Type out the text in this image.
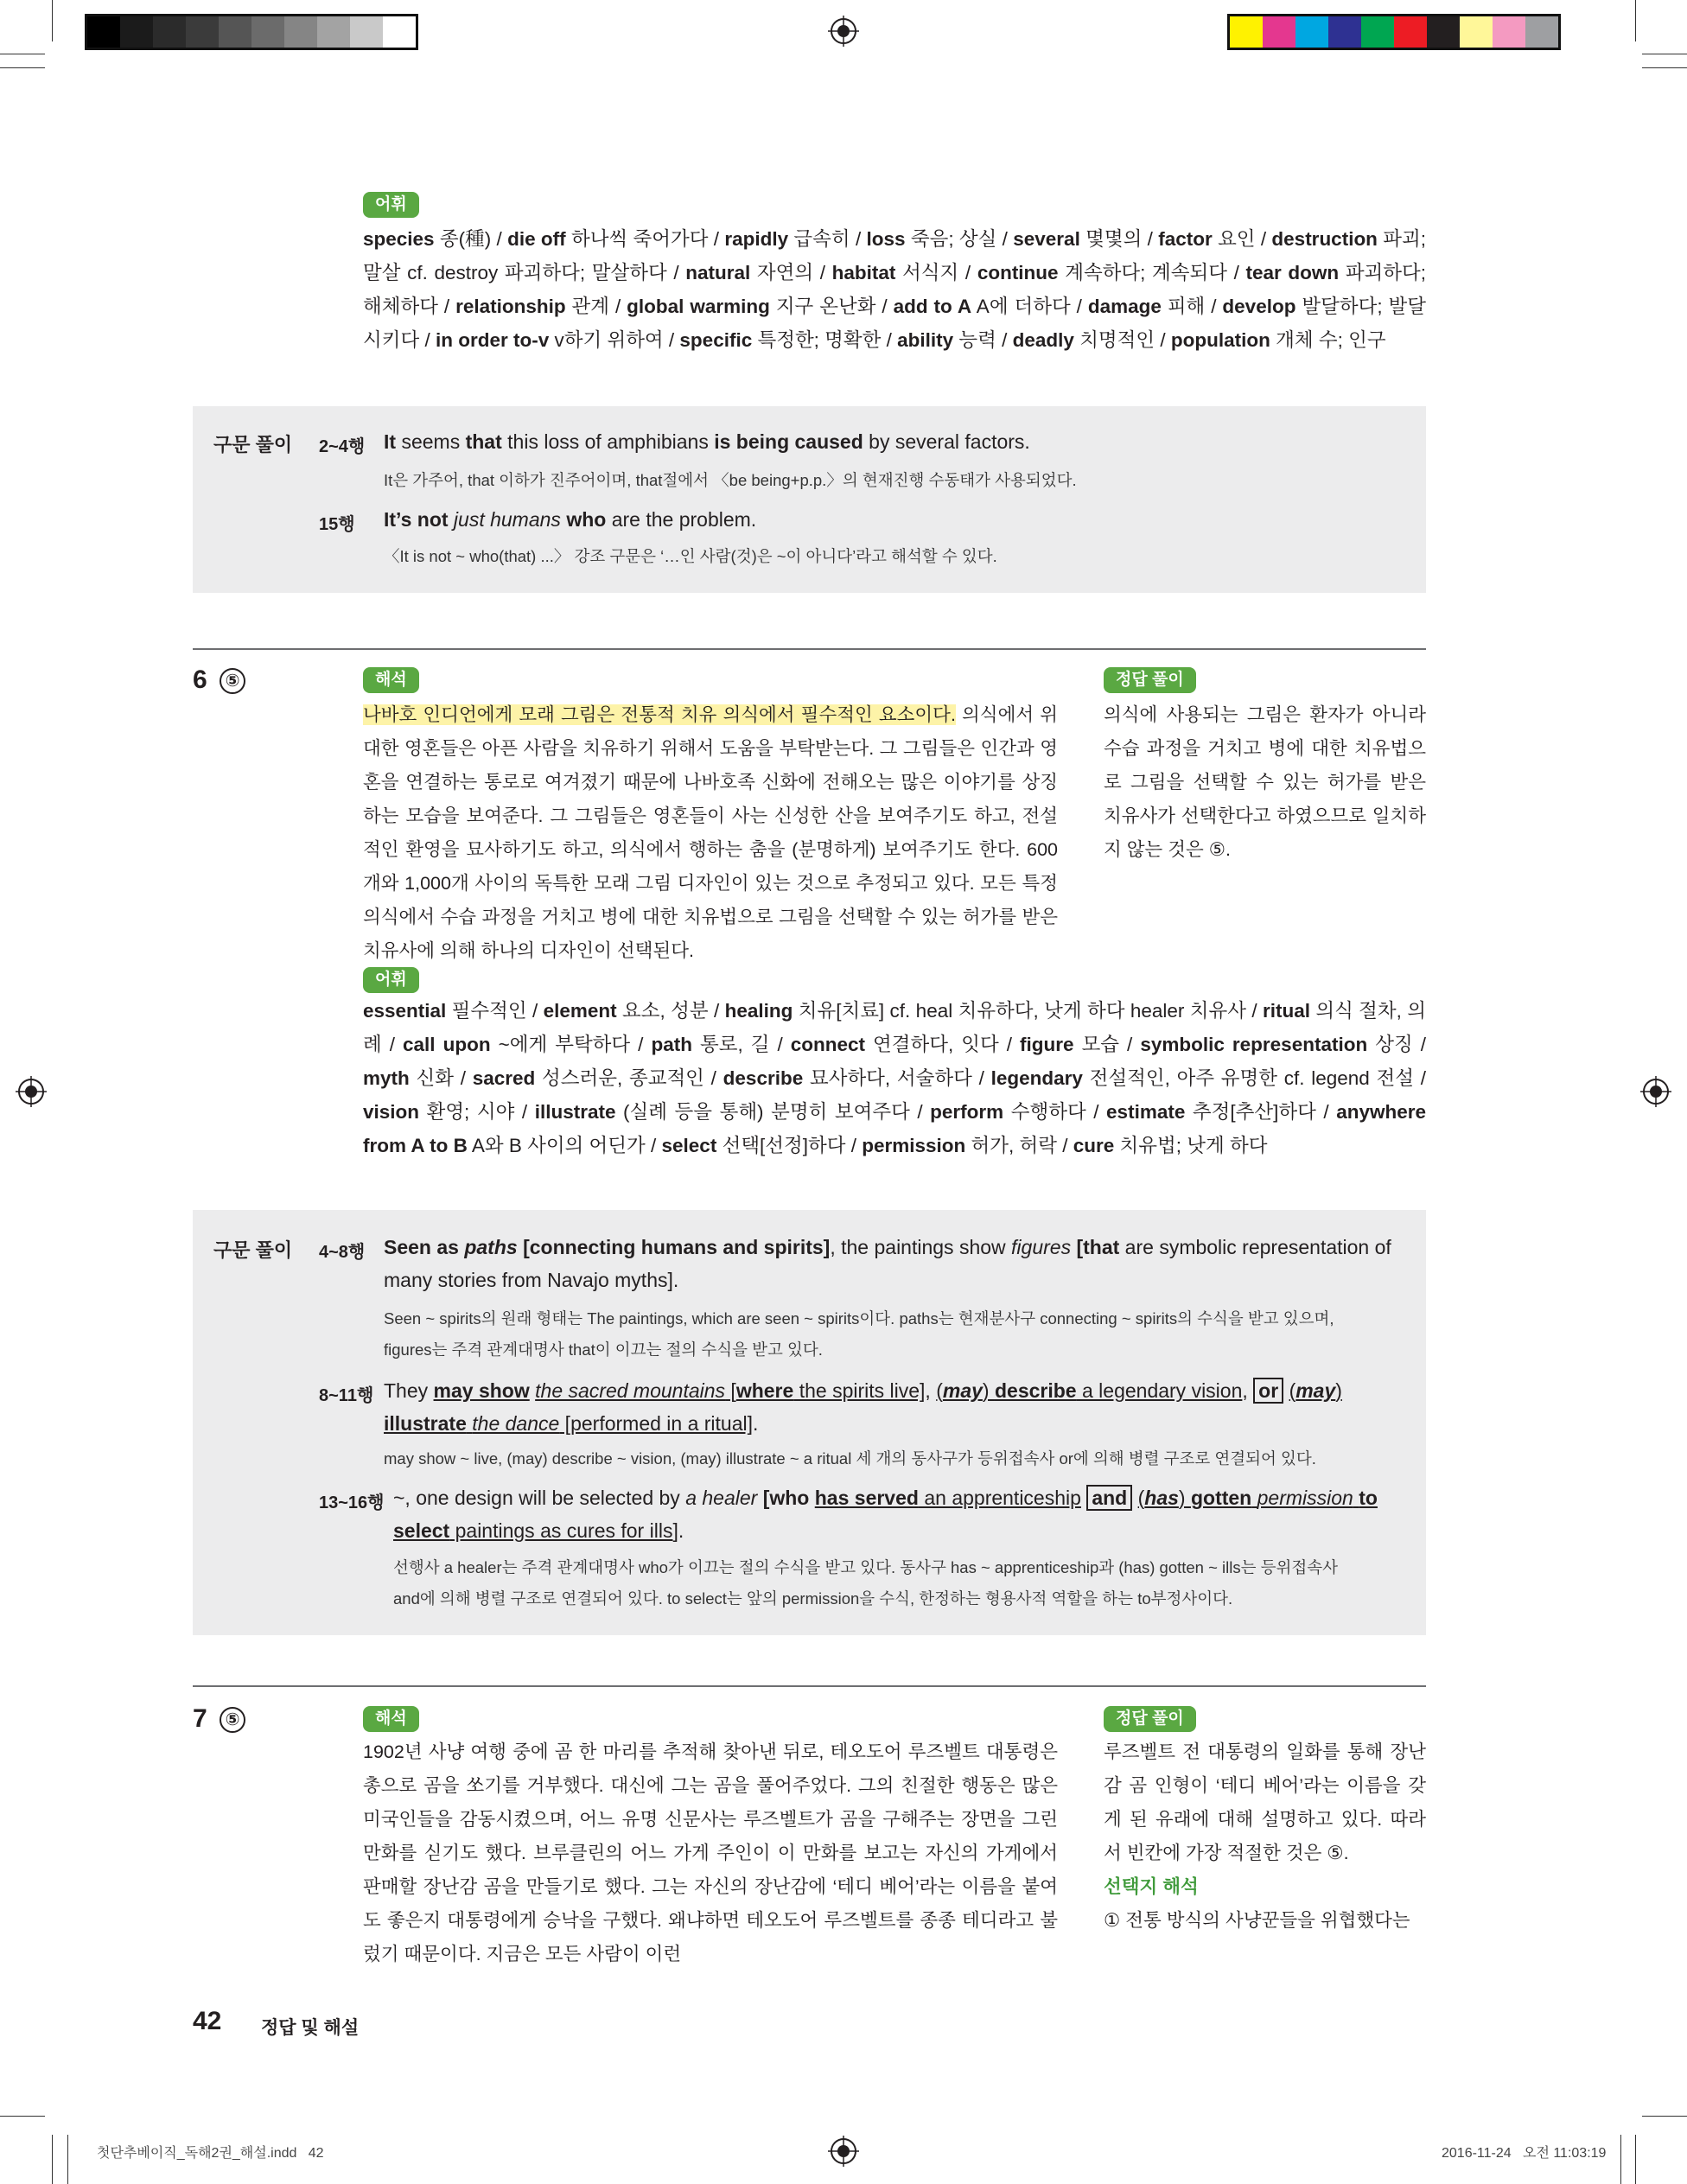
어휘
species 종(種) / die off 하나씩 죽어가다 / rapidly 급속히 / loss 죽음; 상실 / several 몇몇의 / factor 요인 / destruction 파괴; 말살 cf. destroy 파괴하다; 말살하다 / natural 자연의 / habitat 서식지 / continue 계속하다; 계속되다 / tear down 파괴하다; 해체하다 / relationship 관계 / global warming 지구 온난화 / add to A A에 더하다 / damage 피해 / develop 발달하다; 발달시키다 / in order to-v v하기 위하여 / specific 특정한; 명확한 / ability 능력 / deadly 치명적인 / population 개체 수; 인구
구문 풀이 2~4행 It seems that this loss of amphibians is being caused by several factors.
It은 가주어, that 이하가 진주어이며, that절에서 〈be being+p.p.〉의 현재진행 수동태가 사용되었다.
15행 It’s not just humans who are the problem.
〈It is not ~ who(that) ...〉 강조 구문은 ‘…인 사람(것)은 ~이 아니다’라고 해석할 수 있다.
6 ⑤	해석
나바호 인디언에게 모래 그림은 전통적 치유 의식에서 필수적인 요소이다. 의식에서 위대한 영혼들은 아픈 사람을 치유하기 위해서 도움을 부탁받는다. 그 그림들은 인간과 영혼을 연결하는 통로로 여겨졌기 때문에 나바호족 신화에 전해오는 많은 이야기를 상징하는 모습을 보여준다. 그 그림들은 영혼들이 사는 신성한 산을 보여주기도 하고, 전설적인 환영을 묘사하기도 하고, 의식에서 행하는 춤을 (분명하게) 보여주기도 한다. 600개와 1,000개 사이의 독특한 모래 그림 디자인이 있는 것으로 추정되고 있다. 모든 특정 의식에서 수습 과정을 거치고 병에 대한 치유법으로 그림을 선택할 수 있는 허가를 받은 치유사에 의해 하나의 디자인이 선택된다.
정답 풀이
의식에 사용되는 그림은 환자가 아니라 수습 과정을 거치고 병에 대한 치유법으로 그림을 선택할 수 있는 허가를 받은 치유사가 선택한다고 하였으므로 일치하지 않는 것은 ⑤.
어휘
essential 필수적인 / element 요소, 성분 / healing 치유[치료] cf. heal 치유하다, 낫게 하다 healer 치유사 / ritual 의식 절차, 의례 / call upon ~에게 부탁하다 / path 통로, 길 / connect 연결하다, 잇다 / figure 모습 / symbolic representation 상징 / myth 신화 / sacred 성스러운, 종교적인 / describe 묘사하다, 서술하다 / legendary 전설적인, 아주 유명한 cf. legend 전설 / vision 환영; 시야 / illustrate (실례 등을 통해) 분명히 보여주다 / perform 수행하다 / estimate 추정[추산]하다 / anywhere from A to B A와 B 사이의 어딘가 / select 선택[선정]하다 / permission 허가, 허락 / cure 치유법; 낫게 하다
구문 풀이 4~8행 Seen as paths [connecting humans and spirits], the paintings show figures [that are symbolic representation of
many stories from Navajo myths].
Seen ~ spirits의 원래 형태는 The paintings, which are seen ~ spirits이다. paths는 현재분사구 connecting ~ spirits의 수식을 받고 있으며,
figures는 주격 관계대명사 that이 이끄는 절의 수식을 받고 있다.
8~11행 They may show the sacred mountains [where the spirits live], (may) describe a legendary vision, or (may)
illustrate the dance [performed in a ritual].
may show ~ live, (may) describe ~ vision, (may) illustrate ~ a ritual 세 개의 동사구가 등위접속사 or에 의해 병렬 구조로 연결되어 있다.
13~16행 ~, one design will be selected by a healer [who has served an apprenticeship and (has) gotten permission to
select paintings as cures for ills].
선행사 a healer는 주격 관계대명사 who가 이끄는 절의 수식을 받고 있다. 동사구 has ~ apprenticeship과 (has) gotten ~ ills는 등위접속사
and에 의해 병렬 구조로 연결되어 있다. to select는 앞의 permission을 수식, 한정하는 형용사적 역할을 하는 to부정사이다.
7 ⑤	해석
1902년 사냥 여행 중에 곰 한 마리를 추적해 찾아낸 뒤로, 테오도어 루즈벨트 대통령은 총으로 곰을 쏘기를 거부했다. 대신에 그는 곰을 풀어주었다. 그의 친절한 행동은 많은 미국인들을 감동시켰으며, 어느 유명 신문사는 루즈벨트가 곰을 구해주는 장면을 그린 만화를 싣기도 했다. 브루클린의 어느 가게 주인이 이 만화를 보고는 자신의 가게에서 판매할 장난감 곰을 만들기로 했다. 그는 자신의 장난감에 ‘테디 베어’라는 이름을 붙여도 좋은지 대통령에게 승낙을 구했다. 왜냐하면 테오도어 루즈벨트를 종종 테디라고 불렀기 때문이다. 지금은 모든 사람이 이런
정답 풀이
루즈벨트 전 대통령의 일화를 통해 장난감 곰 인형이 ‘테디 베어’라는 이름을 갖게 된 유래에 대해 설명하고 있다. 따라서 빈칸에 가장 적절한 것은 ⑤.
선택지 해석
① 전통 방식의 사냥꾼들을 위협했다는
42 정답 및 해설
첫단추베이직_독해2권_해설.indd   42	2016-11-24   오전 11:03:19
